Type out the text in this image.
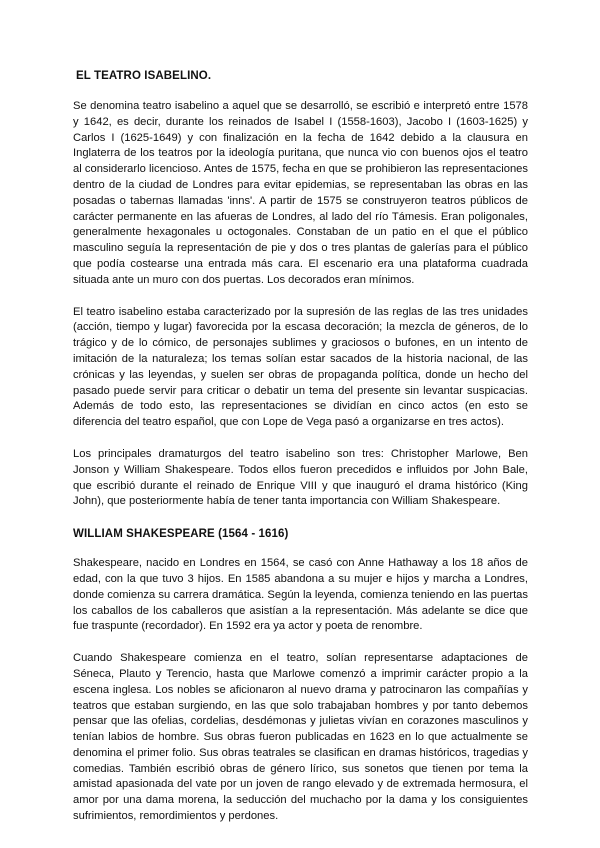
EL TEATRO ISABELINO.

Se denomina teatro isabelino a aquel que se desarrolló, se escribió e interpretó entre 1578 y 1642, es decir, durante los reinados de Isabel I (1558-1603), Jacobo I (1603-1625) y Carlos I (1625-1649) y con finalización en la fecha de 1642 debido a la clausura en Inglaterra de los teatros por la ideología puritana, que nunca vio con buenos ojos el teatro al considerarlo licencioso. Antes de 1575, fecha en que se prohibieron las representaciones dentro de la ciudad de Londres para evitar epidemias, se representaban las obras en las posadas o tabernas llamadas 'inns'. A partir de 1575 se construyeron teatros públicos de carácter permanente en las afueras de Londres, al lado del río Támesis. Eran poligonales, generalmente hexagonales u octogonales. Constaban de un patio en el que el público masculino seguía la representación de pie y dos o tres plantas de galerías para el público que podía costearse una entrada más cara. El escenario era una plataforma cuadrada situada ante un muro con dos puertas. Los decorados eran mínimos.

El teatro isabelino estaba caracterizado por la supresión de las reglas de las tres unidades (acción, tiempo y lugar) favorecida por la escasa decoración; la mezcla de géneros, de lo trágico y de lo cómico, de personajes sublimes y graciosos o bufones, en un intento de imitación de la naturaleza; los temas solían estar sacados de la historia nacional, de las crónicas y las leyendas, y suelen ser obras de propaganda política, donde un hecho del pasado puede servir para criticar o debatir un tema del presente sin levantar suspicacias. Además de todo esto, las representaciones se dividían en cinco actos (en esto se diferencia del teatro español, que con Lope de Vega pasó a organizarse en tres actos).

Los principales dramaturgos del teatro isabelino son tres: Christopher Marlowe, Ben Jonson y William Shakespeare. Todos ellos fueron precedidos e influidos por John Bale, que escribió durante el reinado de Enrique VIII y que inauguró el drama histórico (King John), que posteriormente había de tener tanta importancia con William Shakespeare.

WILLIAM SHAKESPEARE (1564 - 1616)

Shakespeare, nacido en Londres en 1564, se casó con Anne Hathaway a los 18 años de edad, con la que tuvo 3 hijos. En 1585 abandona a su mujer e hijos y marcha a Londres, donde comienza su carrera dramática. Según la leyenda, comienza teniendo en las puertas los caballos de los caballeros que asistían a la representación. Más adelante se dice que fue traspunte (recordador). En 1592 era ya actor y poeta de renombre.

Cuando Shakespeare comienza en el teatro, solían representarse adaptaciones de Séneca, Plauto y Terencio, hasta que Marlowe comenzó a imprimir carácter propio a la escena inglesa. Los nobles se aficionaron al nuevo drama y patrocinaron las compañías y teatros que estaban surgiendo, en las que solo trabajaban hombres y por tanto debemos pensar que las ofelias, cordelias, desdémonas y julietas vivían en corazones masculinos y tenían labios de hombre. Sus obras fueron publicadas en 1623 en lo que actualmente se denomina el primer folio. Sus obras teatrales se clasifican en dramas históricos, tragedias y comedias. También escribió obras de género lírico, sus sonetos que tienen por tema la amistad apasionada del vate por un joven de rango elevado y de extremada hermosura, el amor por una dama morena, la seducción del muchacho por la dama y los consiguientes sufrimientos, remordimientos y perdones.
